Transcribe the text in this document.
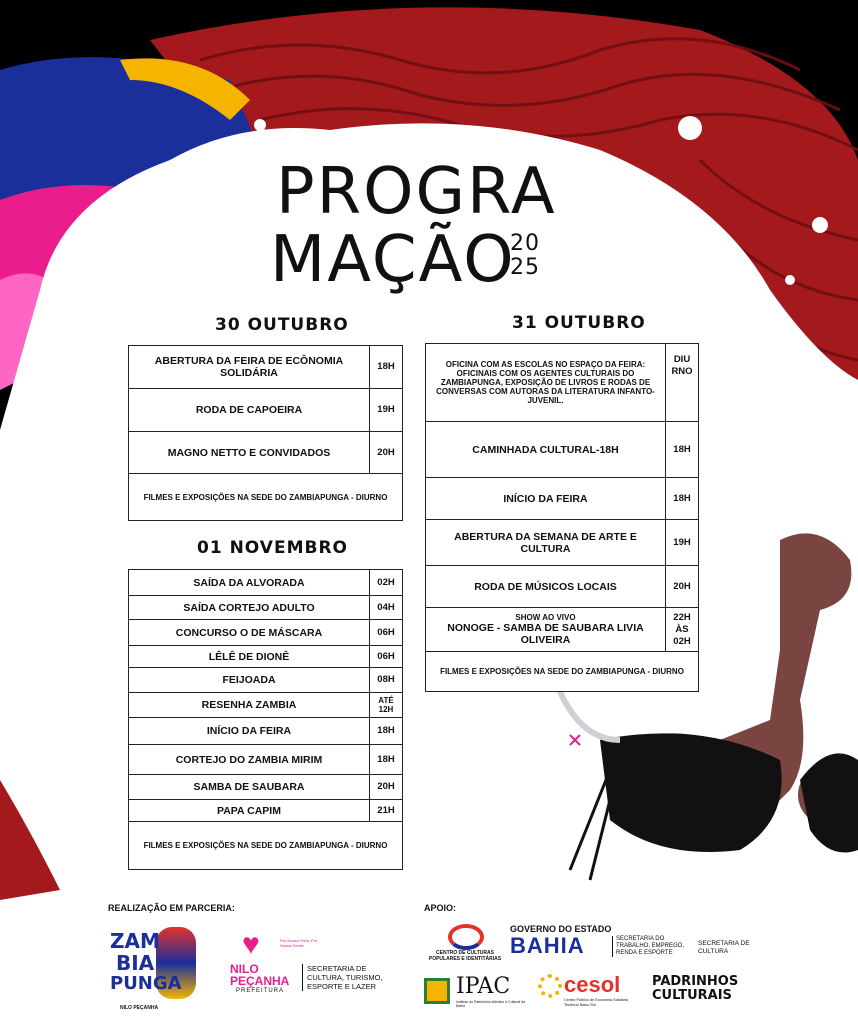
PROGRA
MAÇÃO
20
25
30 OUTUBRO
ABERTURA DA FEIRA DE ECÔNOMIA SOLIDÁRIA	18H
RODA DE CAPOEIRA	19H
MAGNO NETTO E CONVIDADOS	20H
FILMES E EXPOSIÇÕES NA SEDE DO ZAMBIAPUNGA - DIURNO	
31 OUTUBRO
OFICINA COM AS ESCOLAS NO ESPAÇO DA FEIRA: OFICINAIS COM OS AGENTES CULTURAIS DO ZAMBIAPUNGA, EXPOSIÇÃO DE LIVROS E RODAS DE CONVERSAS COM AUTORAS DA LITERATURA INFANTO-JUVENIL.	DIU RNO
CAMINHADA CULTURAL-18H	18H
INÍCIO DA FEIRA	18H
ABERTURA DA SEMANA DE ARTE E CULTURA	19H
RODA DE MÚSICOS LOCAIS	20H

SHOW AO VIVO
NONOGE - SAMBA DE SAUBARA LIVIA OLIVEIRA	22H ÀS 02H
FILMES E EXPOSIÇÕES NA SEDE DO ZAMBIAPUNGA - DIURNO	
01 NOVEMBRO
SAÍDA DA ALVORADA	02H
SAÍDA CORTEJO ADULTO	04H
CONCURSO O DE MÁSCARA	06H
LÊLÊ DE DIONÊ	06H
FEIJOADA	08H
RESENHA ZAMBIA	ATÉ 12H
INÍCIO DA FEIRA	18H
CORTEJO DO ZAMBIA MIRIM	18H
SAMBA DE SAUBARA	20H
PAPA CAPIM	21H
FILMES E EXPOSIÇÕES NA SEDE DO ZAMBIAPUNGA - DIURNO	
REALIZAÇÃO EM PARCERIA:	APOIO:
ZAM
BIA
PUNGA
NILO PEÇANHA
♥	Por Nossa Terra, Por Nossa Gente!
NILO
PEÇANHA
PREFEITURA
SECRETARIA DE CULTURA, TURISMO, ESPORTE E LAZER
CENTRO DE CULTURAS POPULARES E IDENTITÁRIAS
GOVERNO DO ESTADO
BAHIA	SECRETARIA DO TRABALHO, EMPREGO, RENDA E ESPORTE
SECRETARIA DE CULTURA
IPAC
Instituto do Patrimônio Artístico e Cultural da Bahia
cesol
Centro Público de Economia Solidária Território Baixo Sul
PADRINHOS CULTURAIS
